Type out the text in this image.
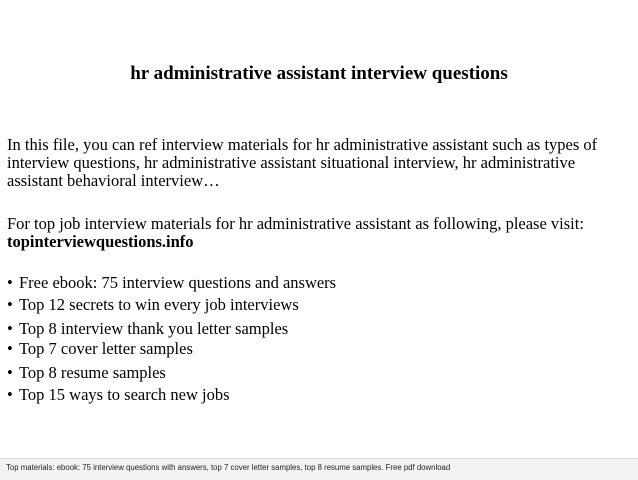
hr administrative assistant interview questions

In this file, you can ref interview materials for hr administrative assistant such as types of interview questions, hr administrative assistant situational interview, hr administrative assistant behavioral interview…

For top job interview materials for hr administrative assistant as following, please visit:

topinterviewquestions.info
• Free ebook: 75 interview questions and answers
• Top 12 secrets to win every job interviews
• Top 8 interview thank you letter samples
• Top 7 cover letter samples
• Top 8 resume samples
• Top 15 ways to search new jobs
Top materials: ebook: 75 interview questions with answers, top 7 cover letter samples, top 8 resume samples. Free pdf download
